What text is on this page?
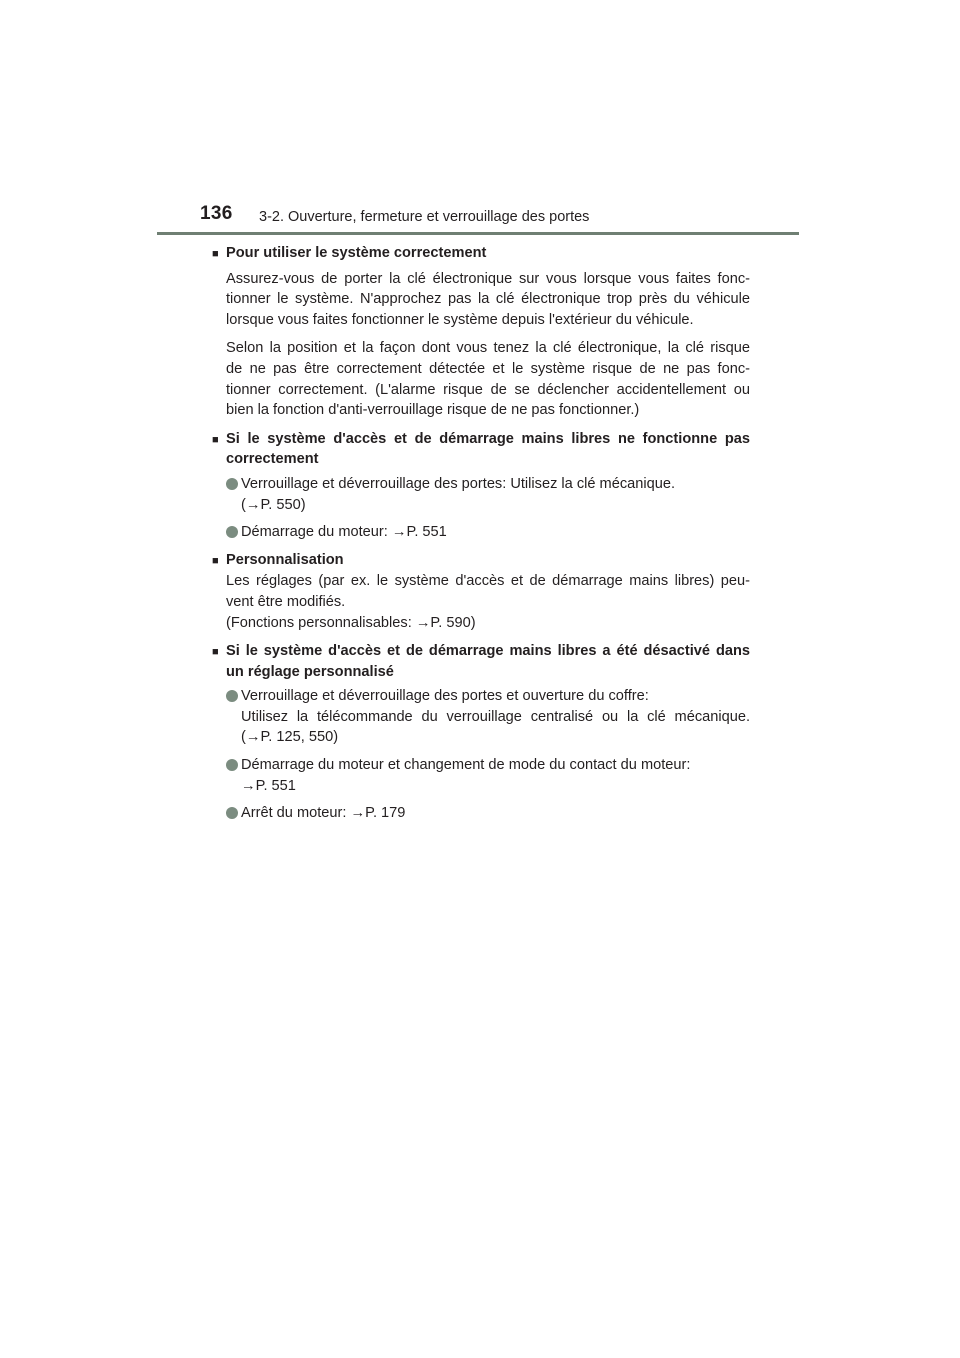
136 3-2. Ouverture, fermeture et verrouillage des portes
■ Pour utiliser le système correctement
Assurez-vous de porter la clé électronique sur vous lorsque vous faites fonc-
tionner le système. N'approchez pas la clé électronique trop près du véhicule
lorsque vous faites fonctionner le système depuis l'extérieur du véhicule.
Selon la position et la façon dont vous tenez la clé électronique, la clé risque
de ne pas être correctement détectée et le système risque de ne pas fonc-
tionner correctement. (L'alarme risque de se déclencher accidentellement ou
bien la fonction d'anti-verrouillage risque de ne pas fonctionner.)
■ Si le système d'accès et de démarrage mains libres ne fonctionne pas
correctement
Verrouillage et déverrouillage des portes: Utilisez la clé mécanique.
(→P. 550)
Démarrage du moteur: →P. 551
■ Personnalisation
Les réglages (par ex. le système d'accès et de démarrage mains libres) peu-
vent être modifiés.
(Fonctions personnalisables: →P. 590)
■ Si le système d'accès et de démarrage mains libres a été désactivé dans
un réglage personnalisé
Verrouillage et déverrouillage des portes et ouverture du coffre:
Utilisez la télécommande du verrouillage centralisé ou la clé mécanique.
(→P. 125, 550)
Démarrage du moteur et changement de mode du contact du moteur:
→P. 551
Arrêt du moteur: →P. 179
